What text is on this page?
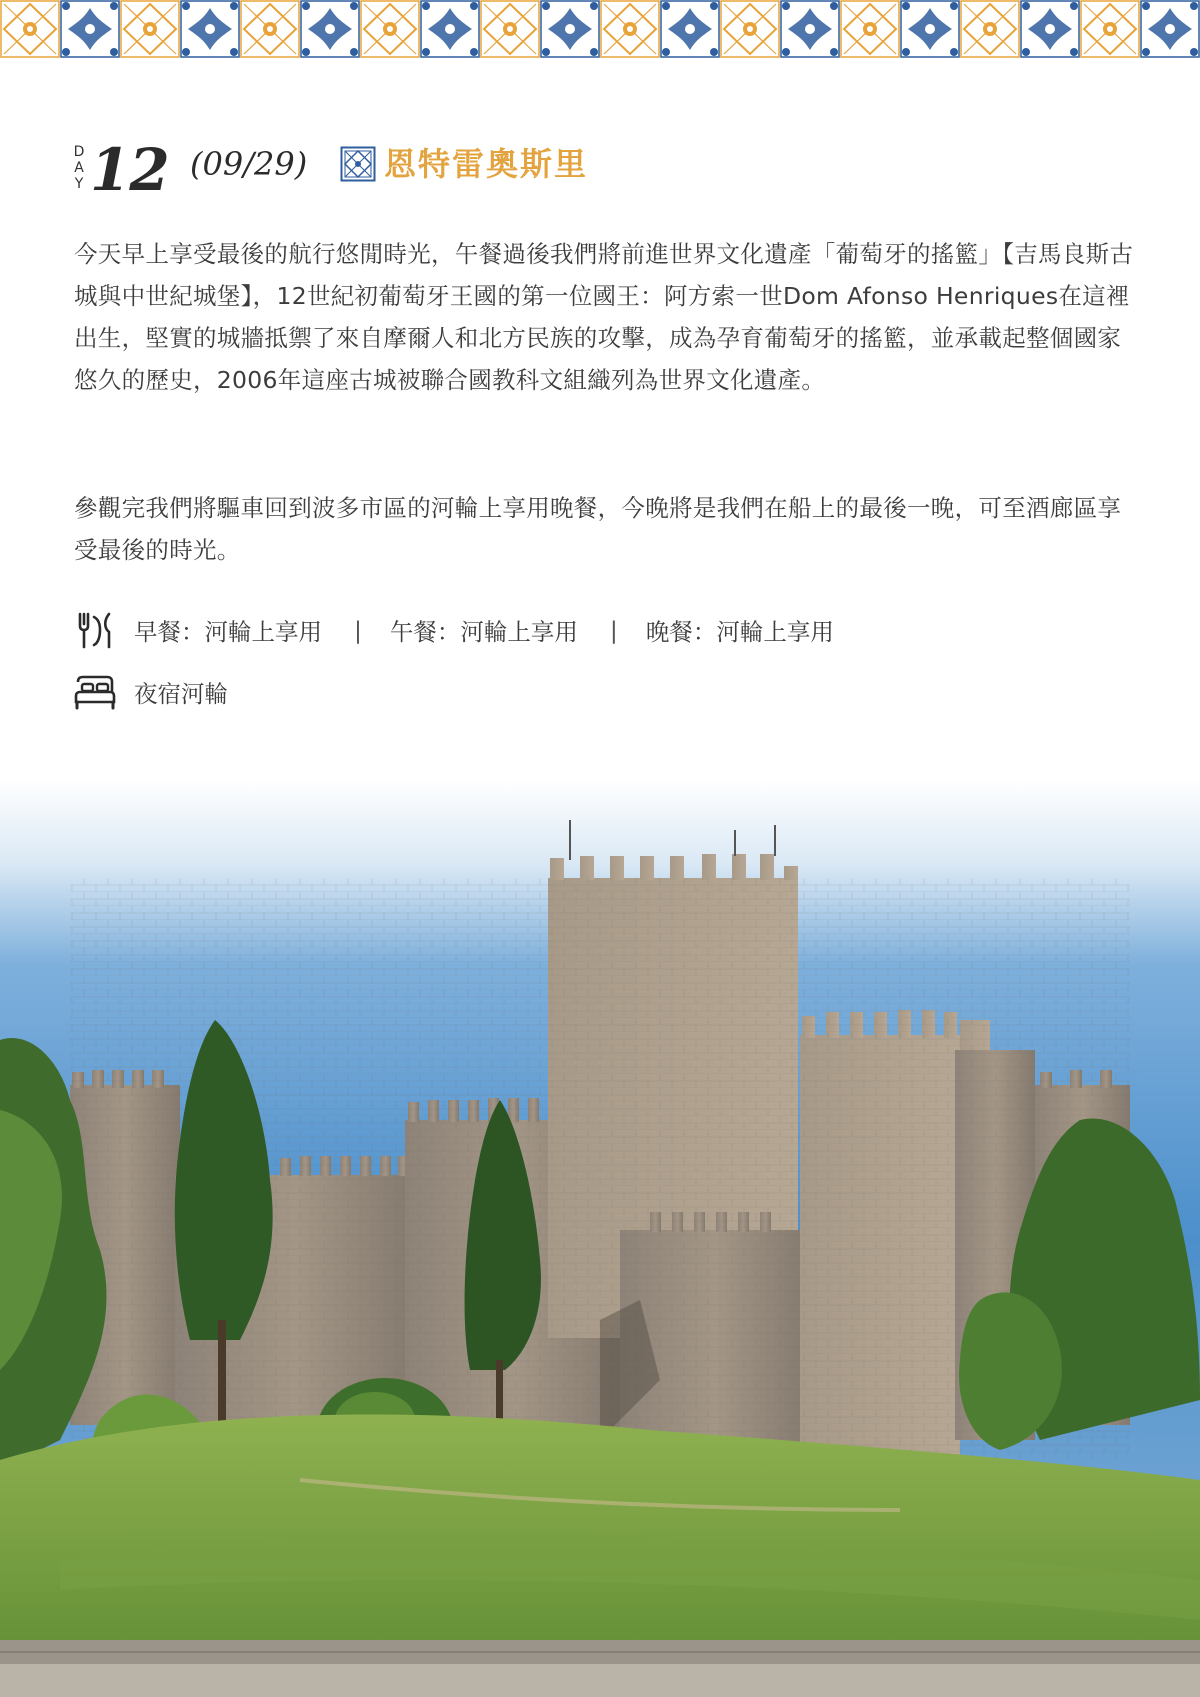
D
A
Y 12 (09/29) 恩特雷奧斯里

今天早上享受最後的航行悠閒時光，午餐過後我們將前進世界文化遺產「葡萄牙的搖籃」【吉馬良斯古城與中世紀城堡】，12世紀初葡萄牙王國的第一位國王：阿方索一世Dom Afonso Henriques在這裡出生，堅實的城牆抵禦了來自摩爾人和北方民族的攻擊，成為孕育葡萄牙的搖籃，並承載起整個國家悠久的歷史，2006年這座古城被聯合國教科文組織列為世界文化遺產。

參觀完我們將驅車回到波多市區的河輪上享用晚餐，今晚將是我們在船上的最後一晚，可至酒廊區享受最後的時光。

早餐：河輪上享用 | 午餐：河輪上享用 | 晚餐：河輪上享用
夜宿河輪
